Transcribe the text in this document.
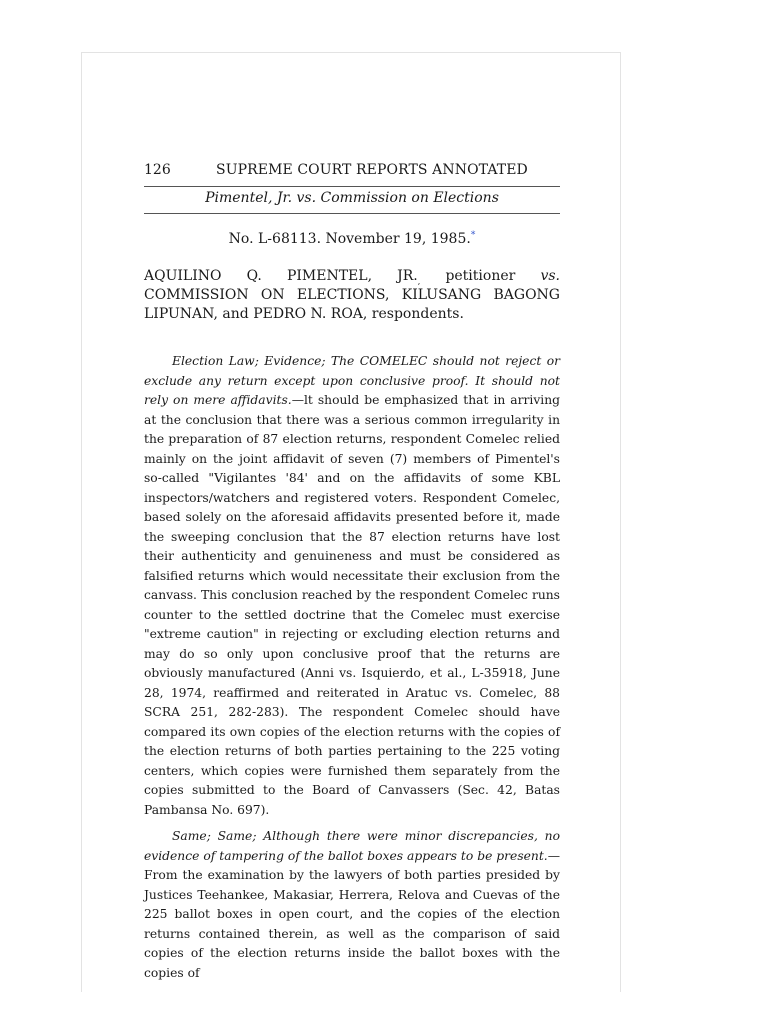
126	SUPREME COURT REPORTS ANNOTATED
Pimentel, Jr. vs. Commission on Elections
No. L-68113. November 19, 1985.*
AQUILINO Q. PIMENTEL, $JR._,$ petitioner vs.
COMMISSION ON ELECTIONS, KILUSANG BAGONG LIPUNAN, and PEDRO N. ROA, respondents.

Election Law; Evidence; The COMELEC should not reject or exclude any return except upon conclusive proof. It should not rely on mere affidavits.—lt should be emphasized that in arriving at the conclusion that there was a serious common irregularity in the preparation of 87 election returns, respondent Comelec relied mainly on the joint affidavit of seven (7) members of Pimentel's so-called "Vigilantes '84' and on the affidavits of some KBL inspectors/watchers and registered voters. Respondent Comelec, based solely on the aforesaid affidavits presented before it, made the sweeping conclusion that the 87 election returns have lost their authenticity and genuineness and must be considered as falsified returns which would necessitate their exclusion from the canvass. This conclusion reached by the respondent Comelec runs counter to the settled doctrine that the Comelec must exercise "extreme caution" in rejecting or excluding election returns and may do so only upon conclusive proof that the returns are obviously manufactured (Anni vs. Isquierdo, et al., L-35918, June 28, 1974, reaffirmed and reiterated in Aratuc vs. Comelec, 88 SCRA 251, 282-283). The respondent Comelec should have compared its own copies of the election returns with the copies of the election returns of both parties pertaining to the 225 voting centers, which copies were furnished them separately from the copies submitted to the Board of Canvassers (Sec. 42, Batas Pambansa No. 697).

Same; Same; Although there were minor discrepancies, no evidence of tampering of the ballot boxes appears to be present.—From the examination by the lawyers of both parties presided by Justices Teehankee, Makasiar, Herrera, Relova and Cuevas of the 225 ballot boxes in open court, and the copies of the election returns contained therein, as well as the comparison of said copies of the election returns inside the ballot boxes with the copies of
